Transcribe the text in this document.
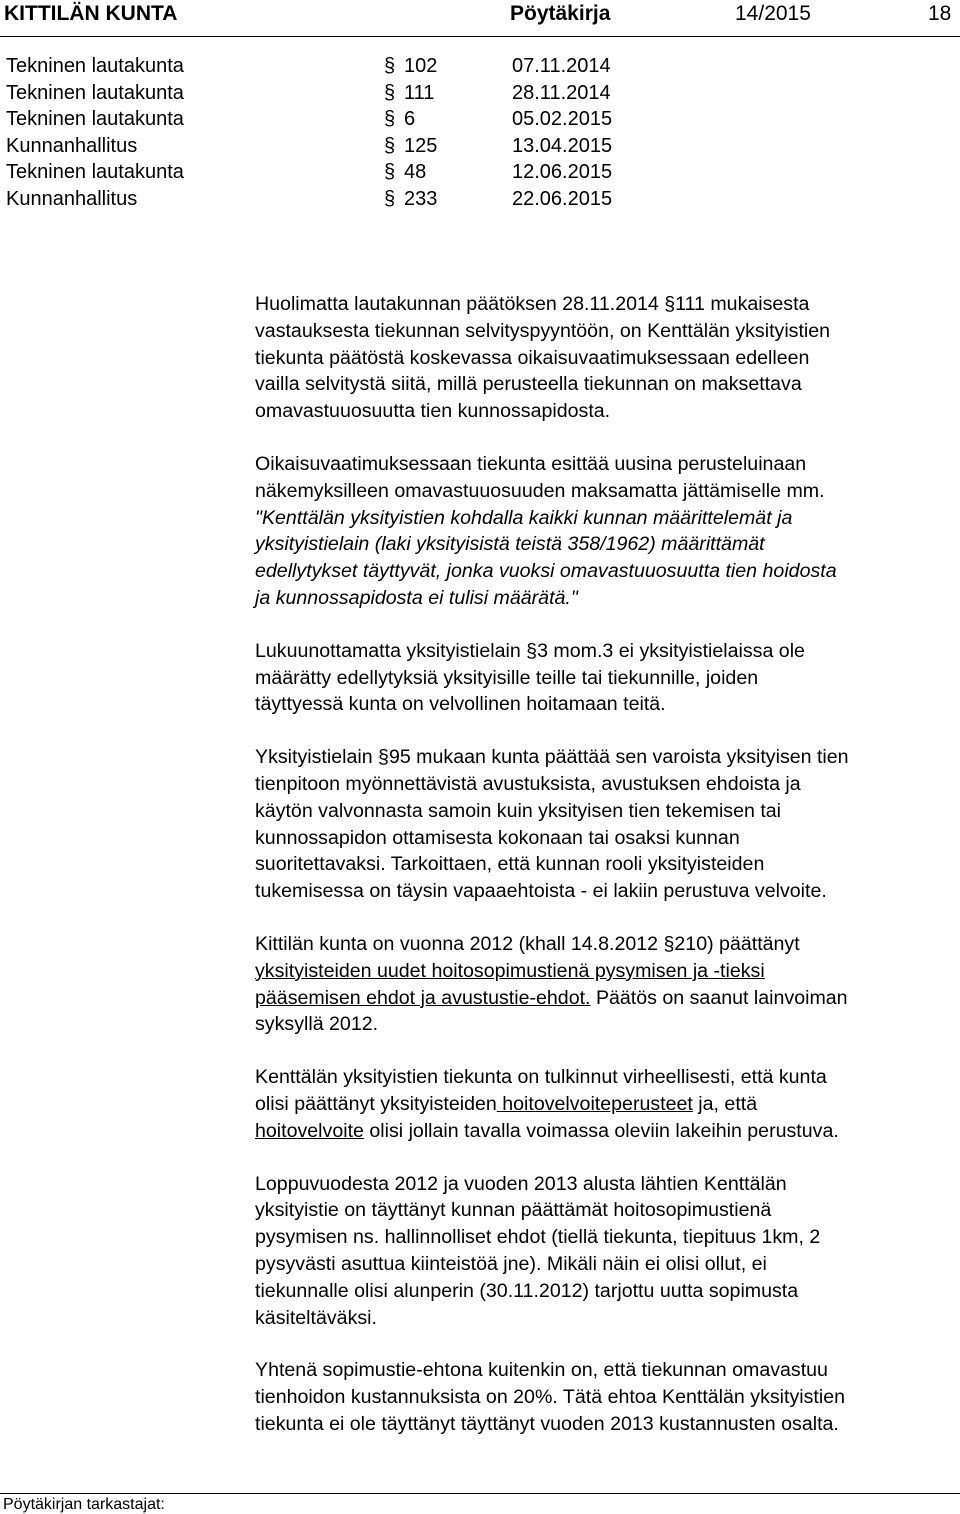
KITTILÄN KUNTA	Pöytäkirja	14/2015	18
Tekninen lautakunta	§ 102	07.11.2014
Tekninen lautakunta	§ 111	28.11.2014
Tekninen lautakunta	§ 6	05.02.2015
Kunnanhallitus	§ 125	13.04.2015
Tekninen lautakunta	§ 48	12.06.2015
Kunnanhallitus	§ 233	22.06.2015

Huolimatta lautakunnan päätöksen 28.11.2014 §111 mukaisesta
vastauksesta tiekunnan selvityspyyntöön, on Kenttälän yksityistien
tiekunta päätöstä koskevassa oikaisuvaatimuksessaan edelleen
vailla selvitystä siitä, millä perusteella tiekunnan on maksettava
omavastuuosuutta tien kunnossapidosta.

Oikaisuvaatimuksessaan tiekunta esittää uusina perusteluinaan
näkemyksilleen omavastuuosuuden maksamatta jättämiselle mm.

"Kenttälän yksityistien kohdalla kaikki kunnan määrittelemät ja
yksityistielain (laki yksityisistä teistä 358/1962) määrittämät
edellytykset täyttyvät, jonka vuoksi omavastuuosuutta tien hoidosta
ja kunnossapidosta ei tulisi määrätä."

Lukuunottamatta yksityistielain §3 mom.3 ei yksityistielaissa ole
määrätty edellytyksiä yksityisille teille tai tiekunnille, joiden
täyttyessä kunta on velvollinen hoitamaan teitä.

Yksityistielain §95 mukaan kunta päättää sen varoista yksityisen tien
tienpitoon myönnettävistä avustuksista, avustuksen ehdoista ja
käytön valvonnasta samoin kuin yksityisen tien tekemisen tai
kunnossapidon ottamisesta kokonaan tai osaksi kunnan
suoritettavaksi. Tarkoittaen, että kunnan rooli yksityisteiden
tukemisessa on täysin vapaaehtoista - ei lakiin perustuva velvoite.

Kittilän kunta on vuonna 2012 (khall 14.8.2012 §210) päättänyt
yksityisteiden uudet hoitosopimustienä pysymisen ja -tieksi
pääsemisen ehdot ja avustustie-ehdot. Päätös on saanut lainvoiman
syksyllä 2012.

Kenttälän yksityistien tiekunta on tulkinnut virheellisesti, että kunta
olisi päättänyt yksityisteiden hoitovelvoiteperusteet ja, että
hoitovelvoite olisi jollain tavalla voimassa oleviin lakeihin perustuva.

Loppuvuodesta 2012 ja vuoden 2013 alusta lähtien Kenttälän
yksityistie on täyttänyt kunnan päättämät hoitosopimustienä
pysymisen ns. hallinnolliset ehdot (tiellä tiekunta, tiepituus 1km, 2
pysyvästi asuttua kiinteistöä jne). Mikäli näin ei olisi ollut, ei
tiekunnalle olisi alunperin (30.11.2012) tarjottu uutta sopimusta
käsiteltäväksi.

Yhtenä sopimustie-ehtona kuitenkin on, että tiekunnan omavastuu
tienhoidon kustannuksista on 20%. Tätä ehtoa Kenttälän yksityistien
tiekunta ei ole täyttänyt täyttänyt vuoden 2013 kustannusten osalta.

Pöytäkirjan tarkastajat:
